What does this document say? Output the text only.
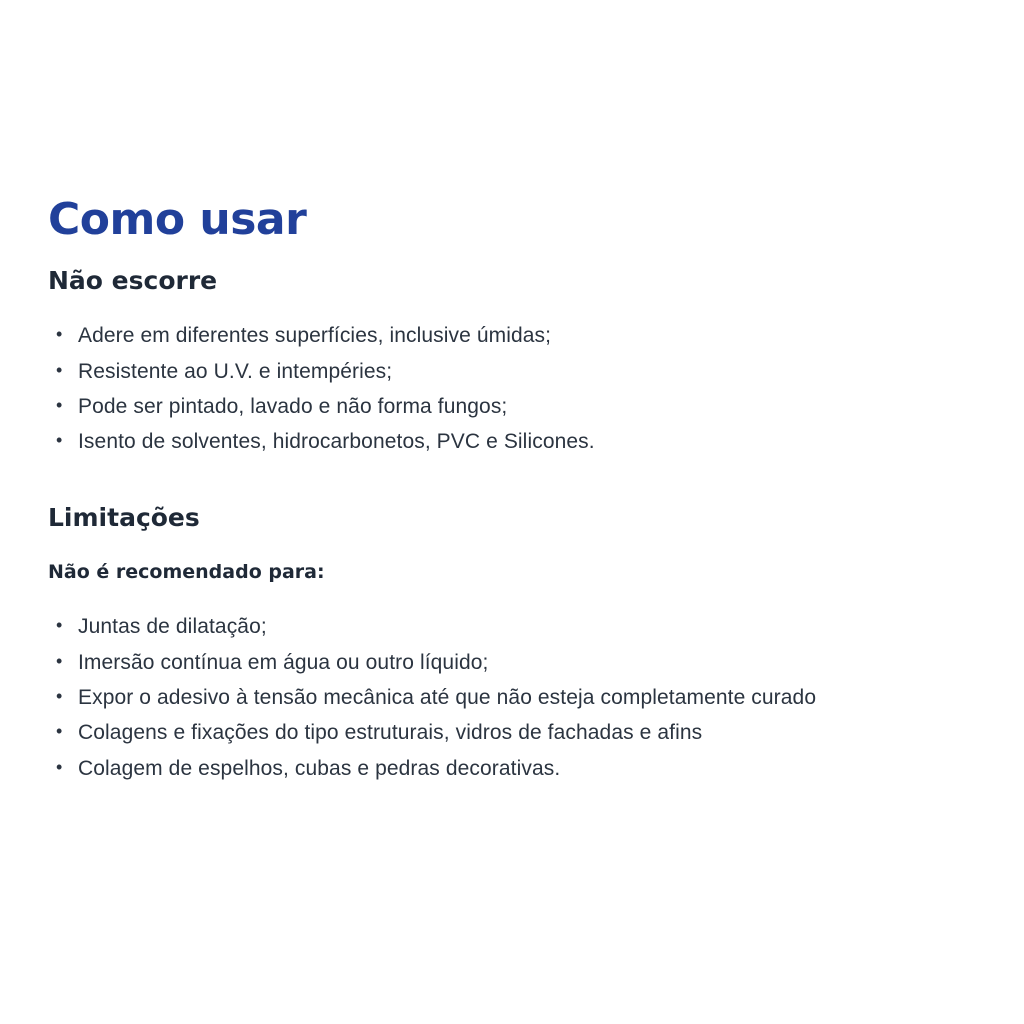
Como usar
Não escorre
• Adere em diferentes superfícies, inclusive úmidas;
• Resistente ao U.V. e intempéries;
• Pode ser pintado, lavado e não forma fungos;
• Isento de solventes, hidrocarbonetos, PVC e Silicones.
Limitações

Não é recomendado para:

• Juntas de dilatação;
• Imersão contínua em água ou outro líquido;
• Expor o adesivo à tensão mecânica até que não esteja completamente curado
• Colagens e fixações do tipo estruturais, vidros de fachadas e afins
• Colagem de espelhos, cubas e pedras decorativas.
